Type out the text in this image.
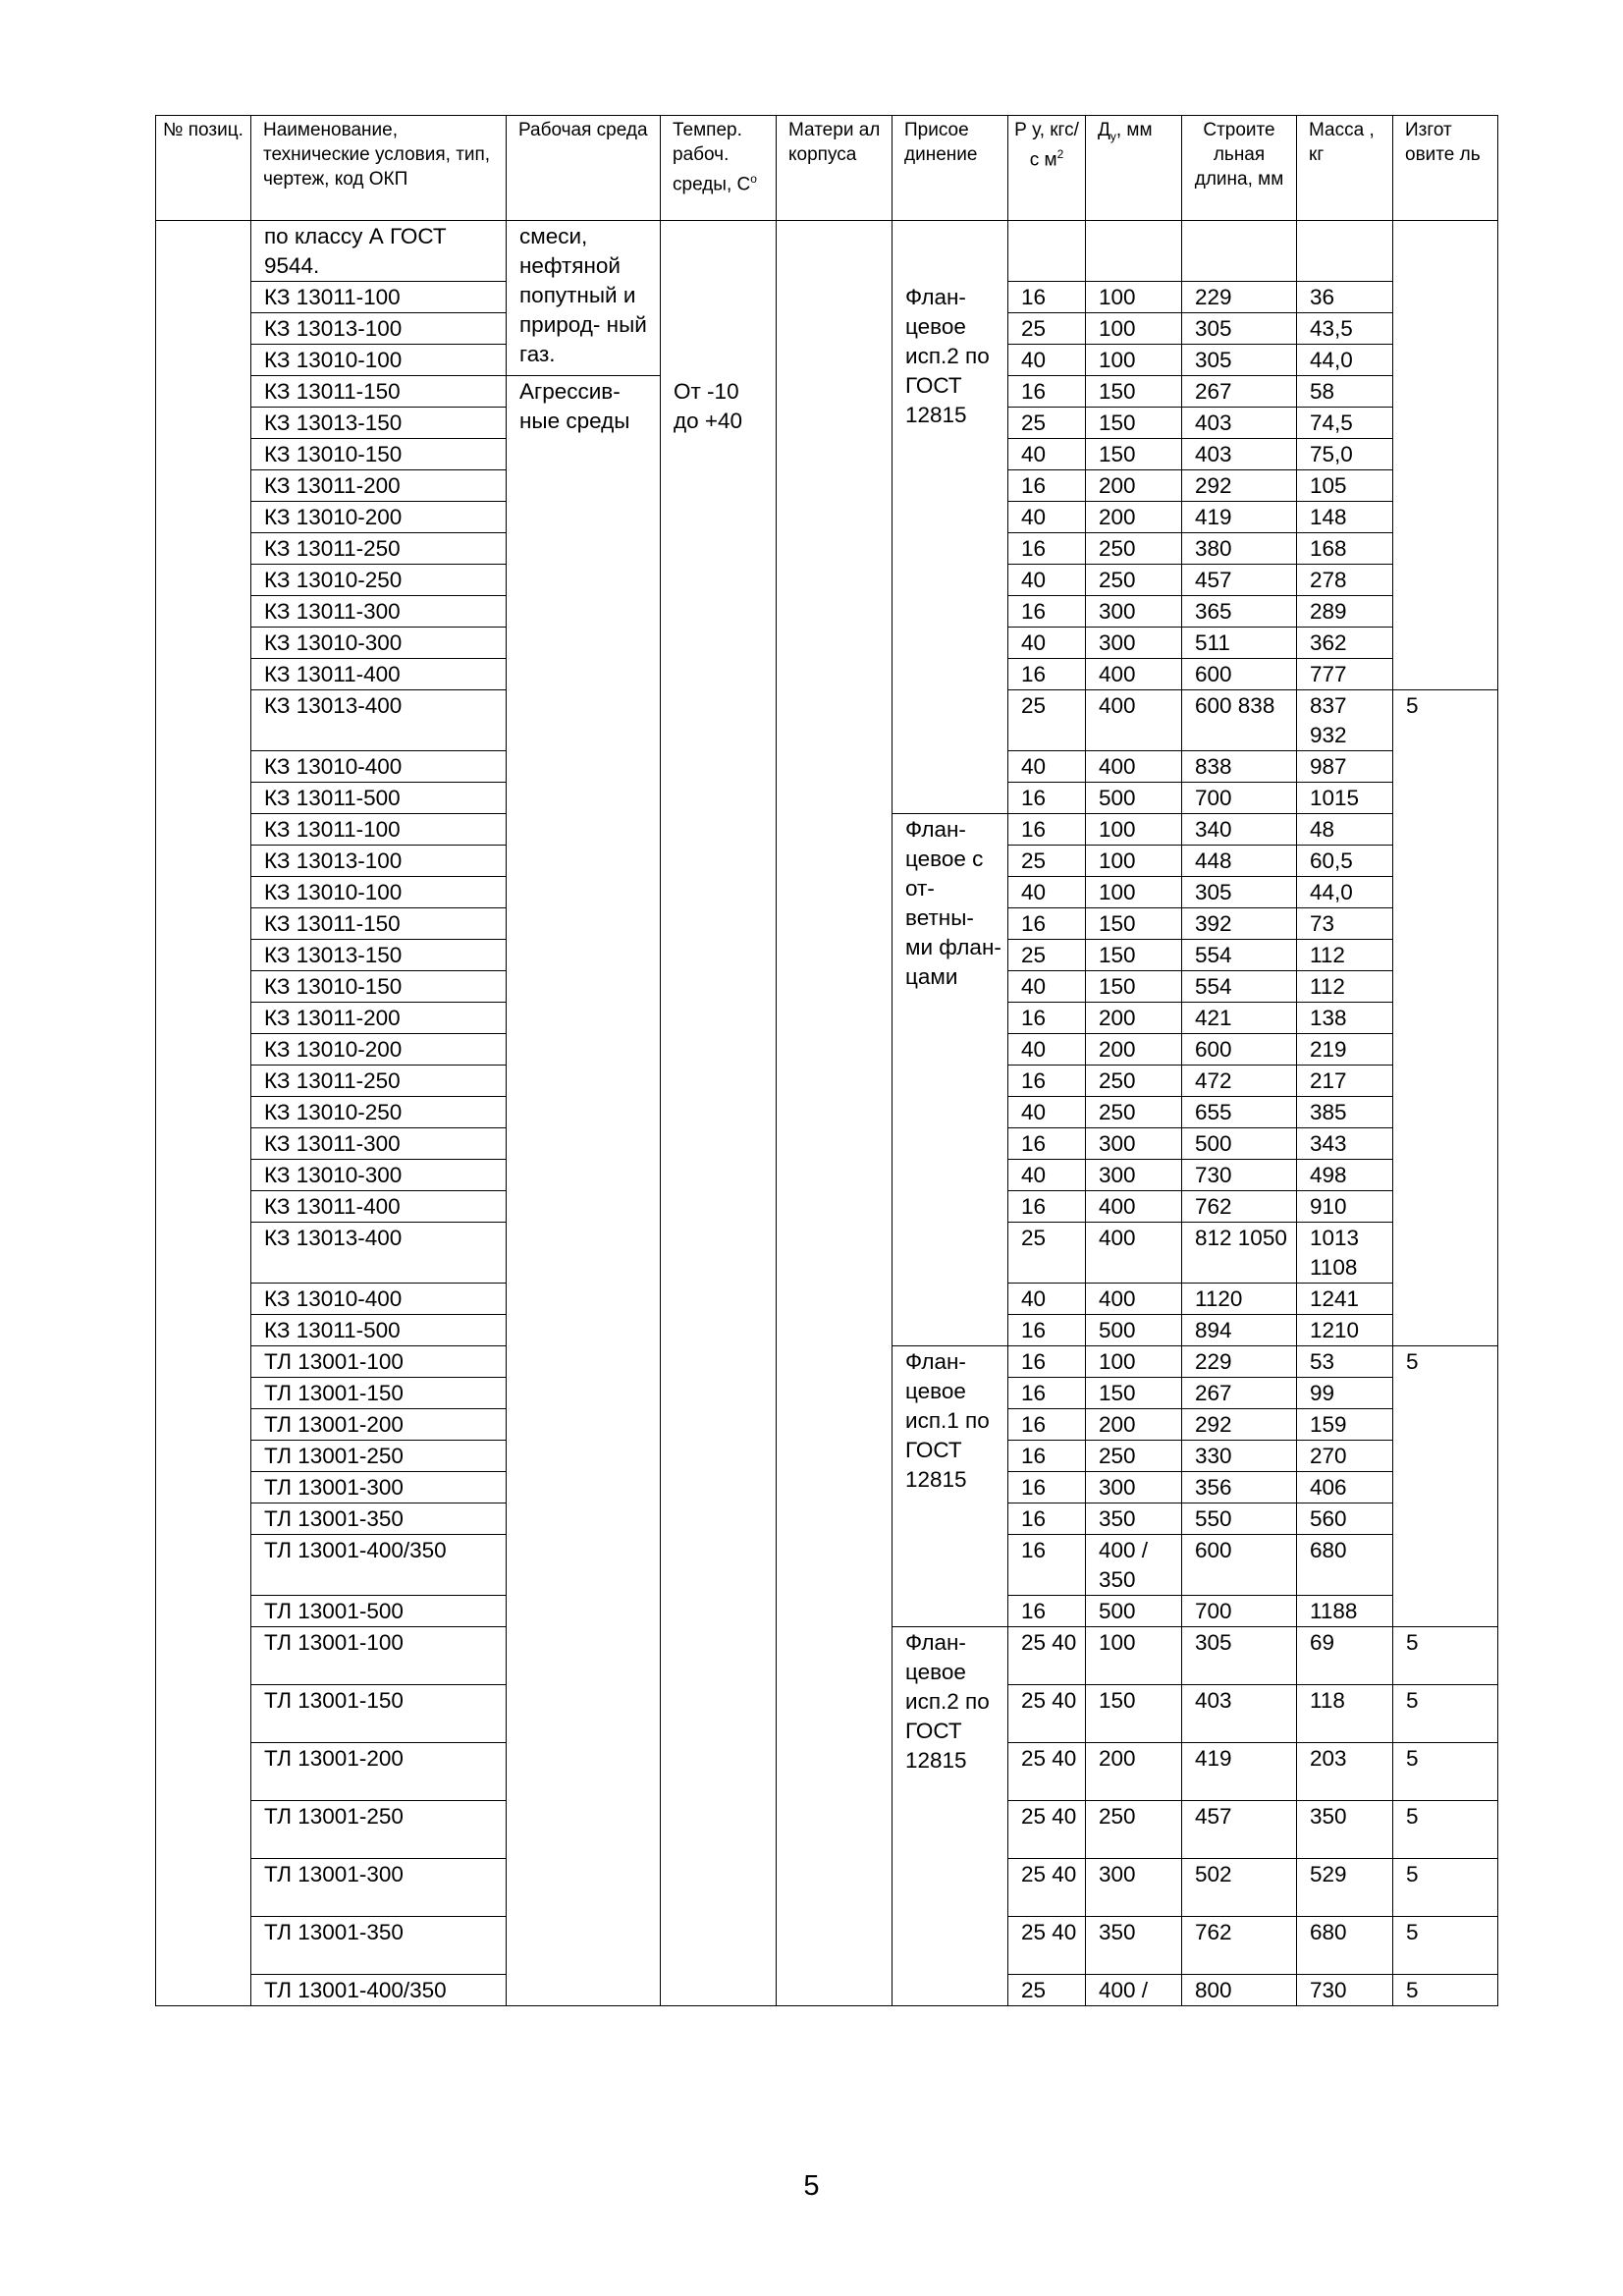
№ позиц.	Наименование, технические условия, тип, чертеж, код ОКП	Рабочая среда	Темпер. рабоч. среды, $С^о$	Матери ал корпуса	Присое динение	Р у, кгс/с $м^2$	$Д_у$, мм	Строите льная длина, мм	Масса , кг	Изгот овите ль
	по классу А ГОСТ 9544.	смеси, нефтяной попутный и природ- ный газ.								
	КЗ 13011-100				Флан- цевое исп.2 по ГОСТ 12815	16	100	229	36	
	КЗ 13013-100					25	100	305	43,5	
	КЗ 13010-100					40	100	305	44,0	
	КЗ 13011-150	Агрессив- ные среды	От -10 до +40			16	150	267	58	
	КЗ 13013-150					25	150	403	74,5	
	КЗ 13010-150					40	150	403	75,0	
	КЗ 13011-200					16	200	292	105	
	КЗ 13010-200					40	200	419	148	
	КЗ 13011-250					16	250	380	168	
	КЗ 13010-250					40	250	457	278	
	КЗ 13011-300					16	300	365	289	
	КЗ 13010-300					40	300	511	362	
	КЗ 13011-400					16	400	600	777	
	КЗ 13013-400					25	400	600 838	837 932	5
	КЗ 13010-400					40	400	838	987	
	КЗ 13011-500					16	500	700	1015	
	КЗ 13011-100				Флан- цевое с от- ветны- ми флан- цами	16	100	340	48	
	КЗ 13013-100					25	100	448	60,5	
	КЗ 13010-100					40	100	305	44,0	
	КЗ 13011-150					16	150	392	73	
	КЗ 13013-150					25	150	554	112	
	КЗ 13010-150					40	150	554	112	
	КЗ 13011-200					16	200	421	138	
	КЗ 13010-200					40	200	600	219	
	КЗ 13011-250					16	250	472	217	
	КЗ 13010-250					40	250	655	385	
	КЗ 13011-300					16	300	500	343	
	КЗ 13010-300					40	300	730	498	
	КЗ 13011-400					16	400	762	910	
	КЗ 13013-400					25	400	812 1050	1013 1108	
	КЗ 13010-400					40	400	1120	1241	
	КЗ 13011-500					16	500	894	1210	
	ТЛ 13001-100				Флан- цевое исп.1 по ГОСТ 12815	16	100	229	53	5
	ТЛ 13001-150					16	150	267	99	
	ТЛ 13001-200					16	200	292	159	
	ТЛ 13001-250					16	250	330	270	
	ТЛ 13001-300					16	300	356	406	
	ТЛ 13001-350					16	350	550	560	
	ТЛ 13001-400/350					16	400 / 350	600	680	
	ТЛ 13001-500					16	500	700	1188	
	ТЛ 13001-100				Флан- цевое исп.2 по ГОСТ 12815	25 40	100	305	69	5
	ТЛ 13001-150					25 40	150	403	118	5
	ТЛ 13001-200					25 40	200	419	203	5
	ТЛ 13001-250					25 40	250	457	350	5
	ТЛ 13001-300					25 40	300	502	529	5
	ТЛ 13001-350					25 40	350	762	680	5
	ТЛ 13001-400/350					25	400 /	800	730	5
5
